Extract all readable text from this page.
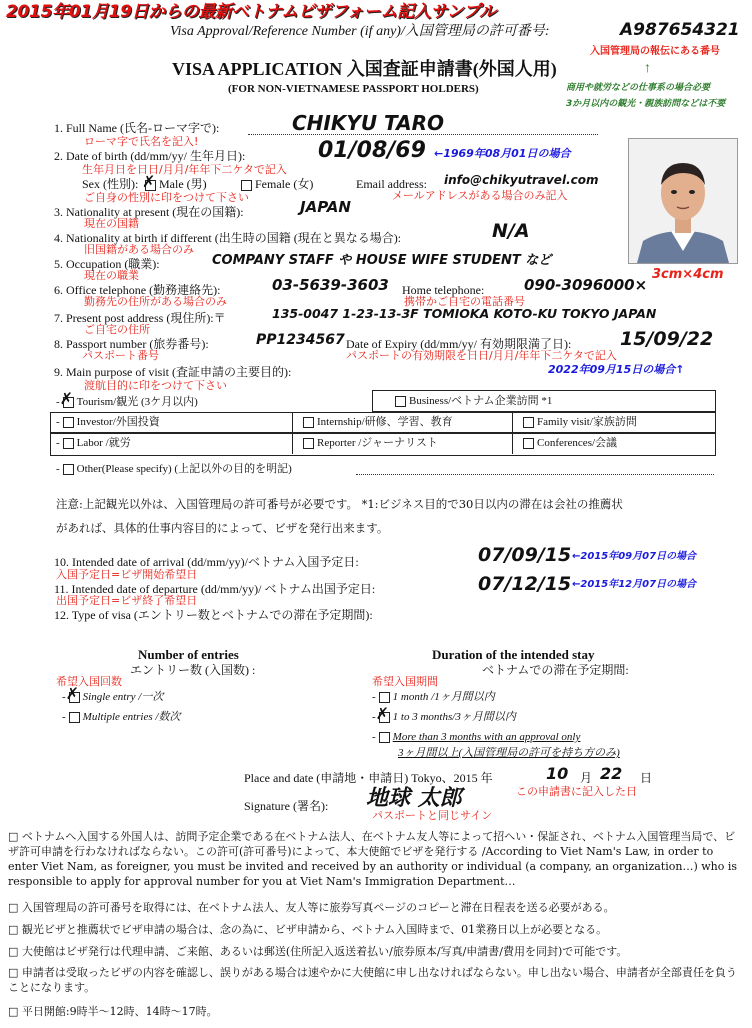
2015年01月19日からの最新ベトナムビザフォーム記入サンプル
Visa Approval/Reference Number (if any)/入国管理局の許可番号:	A987654321
入国管理局の報伝にある番号
↑
商用や就労などの仕事系の場合必要
3か月以内の観光・親族訪問などは不要
VISA APPLICATION 入国査証申請書(外国人用)
(FOR NON-VIETNAMESE PASSPORT HOLDERS)
1. Full Name (氏名-ローマ字で):	CHIKYU TARO
ローマ字で氏名を記入!
2. Date of birth (dd/mm/yy/ 生年月日):	01/08/69 ←1969年08月01日の場合
生年月日を日日/月月/年年下二ケタで記入
Sex (性別): ✗ Male (男)	Female (女)	Email address: info@chikyutravel.com
メールアドレスがある場合のみ記入
ご自身の性別に印をつけて下さい
3. Nationality at present (現在の国籍):	JAPAN
現在の国籍
4. Nationality at birth if different (出生時の国籍 (現在と異なる場合):	N/A
旧国籍がある場合のみ
5. Occupation (職業):	COMPANY STAFF や HOUSE WIFE STUDENT など
現在の職業	3cm×4cm
6. Office telephone (勤務連絡先):	03-5639-3603 Home telephone:	090-3096000×
勤務先の住所がある場合のみ	携帯かご自宅の電話番号
7. Present post address (現住所):〒	135-0047 1-23-13-3F TOMIOKA KOTO-KU TOKYO JAPAN
ご自宅の住所
8. Passport number (旅券番号):	PP1234567 Date of Expiry (dd/mm/yy/ 有効期限満了日):	15/09/22
パスポート番号	パスポートの有効期限を日日/月月/年年下二ケタで記入
2022年09月15日の場合↑
9. Main purpose of visit (査証申請の主要目的):
渡航目的に印をつけて下さい
- ✗ Tourism/観光 (3ケ月以内)	Business/ベトナム企業訪問 *1
- Investor/外国投資	Internship/研修、学習、教育	Family visit/家族訪問
- Labor /就労	Reporter /ジャーナリスト	Conferences/会議
- Other(Please specify) (上記以外の目的を明記)
注意:上記観光以外は、入国管理局の許可番号が必要です。 *1:ビジネス目的で30日以内の滞在は会社の推薦状
があれば、具体的仕事内容目的によって、ビザを発行出来ます。
10. Intended date of arrival (dd/mm/yy)/ベトナム入国予定日:	07/09/15 ←2015年09月07日の場合
入国予定日=ビザ開始希望日
11. Intended date of departure (dd/mm/yy)/ ベトナム出国予定日:	07/12/15 ←2015年12月07日の場合
出国予定日=ビザ終了希望日
12. Type of visa (エントリー数とベトナムでの滞在予定期間):
Number of entries
エントリー数 (入国数) :
希望入国回数
- ✗ Single entry /一次
- Multiple entries /数次
Duration of the intended stay
ベトナムでの滞在予定期間:
希望入国期間
- 1 month /1ヶ月間以内
- ✗ 1 to 3 months/3ヶ月間以内
- More than 3 months with an approval only
3ヶ月間以上(入国管理局の許可を持ち方のみ)
Place and date (申請地・申請日) Tokyo、2015 年	10 月 22 日
この申請書に記入した日
Signature (署名): 地球 太郎
パスポートと同じサイン
□ ベトナムへ入国する外国人は、訪問予定企業である在ベトナム法人、在ベトナム友人等によって招へい・保証され、ベトナム入国管理当局で、ビザ許可申請を行わなければならない。この許可(許可番号)によって、本大使館でビザを発行する /According to Viet Nam's Law, in order to enter Viet Nam, as foreigner, you must be invited and received by an authority or individual (a company, an organization…) who is responsible to apply for approval number for you at Viet Nam's Immigration Department…
□ 入国管理局の許可番号を取得には、在ベトナム法人、友人等に旅券写真ページのコピーと滞在日程表を送る必要がある。
□ 観光ビザと推薦状でビザ申請の場合は、念の為に、ビザ申請から、ベトナム入国時まで、01業務日以上が必要となる。
□ 大使館はビザ発行は代理申請、ご来館、あるいは郵送(住所記入返送着払い/旅券原本/写真/申請書/費用を同封)で可能です。
□ 申請者は受取ったビザの内容を確認し、誤りがある場合は速やかに大使館に申し出なければならない。申し出ない場合、申請者が全部責任を負うことになります。
□ 平日開館:9時半～12時、14時～17時。
